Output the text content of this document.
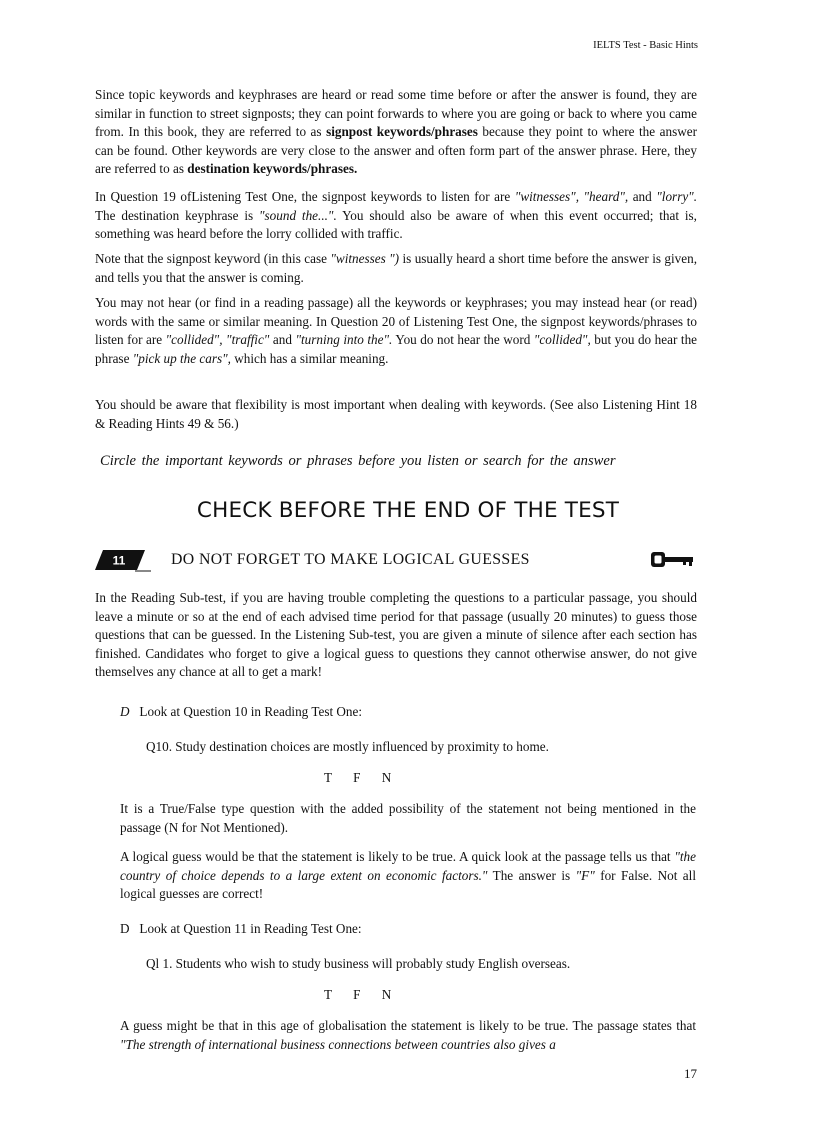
IELTS Test - Basic Hints

Since topic keywords and keyphrases are heard or read some time before or after the answer is found, they are similar in function to street signposts; they can point forwards to where you are going or back to where you came from. In this book, they are referred to as signpost keywords/phrases because they point to where the answer can be found. Other keywords are very close to the answer and often form part of the answer phrase. Here, they are referred to as destination keywords/phrases.

In Question 19 ofListening Test One, the signpost keywords to listen for are "witnesses", "heard", and "lorry". The destination keyphrase is "sound the...". You should also be aware of when this event occurred; that is, something was heard before the lorry collided with traffic.

Note that the signpost keyword (in this case "witnesses ") is usually heard a short time before the answer is given, and tells you that the answer is coming.

You may not hear (or find in a reading passage) all the keywords or keyphrases; you may instead hear (or read) words with the same or similar meaning. In Question 20 of Listening Test One, the signpost keywords/phrases to listen for are "collided", "traffic" and "turning into the". You do not hear the word "collided", but you do hear the phrase "pick up the cars", which has a similar meaning.

You should be aware that flexibility is most important when dealing with keywords. (See also Listening Hint 18 & Reading Hints 49 & 56.)

Circle the important keywords or phrases before you listen or search for the answer
CHECK BEFORE THE END OF THE TEST
11	DO NOT FORGET TO MAKE LOGICAL GUESSES

In the Reading Sub-test, if you are having trouble completing the questions to a particular passage, you should leave a minute or so at the end of each advised time period for that passage (usually 20 minutes) to guess those questions that can be guessed. In the Listening Sub-test, you are given a minute of silence after each section has finished. Candidates who forget to give a logical guess to questions they cannot otherwise answer, do not give themselves any chance at all to get a mark!

D Look at Question 10 in Reading Test One:
Q10. Study destination choices are mostly influenced by proximity to home.
T F N

It is a True/False type question with the added possibility of the statement not being mentioned in the passage (N for Not Mentioned).

A logical guess would be that the statement is likely to be true. A quick look at the passage tells us that "the country of choice depends to a large extent on economic factors." The answer is "F" for False. Not all logical guesses are correct!

D Look at Question 11 in Reading Test One:
Ql 1. Students who wish to study business will probably study English overseas.
T F N

A guess might be that in this age of globalisation the statement is likely to be true. The passage states that "The strength of international business connections between countries also gives a

17
